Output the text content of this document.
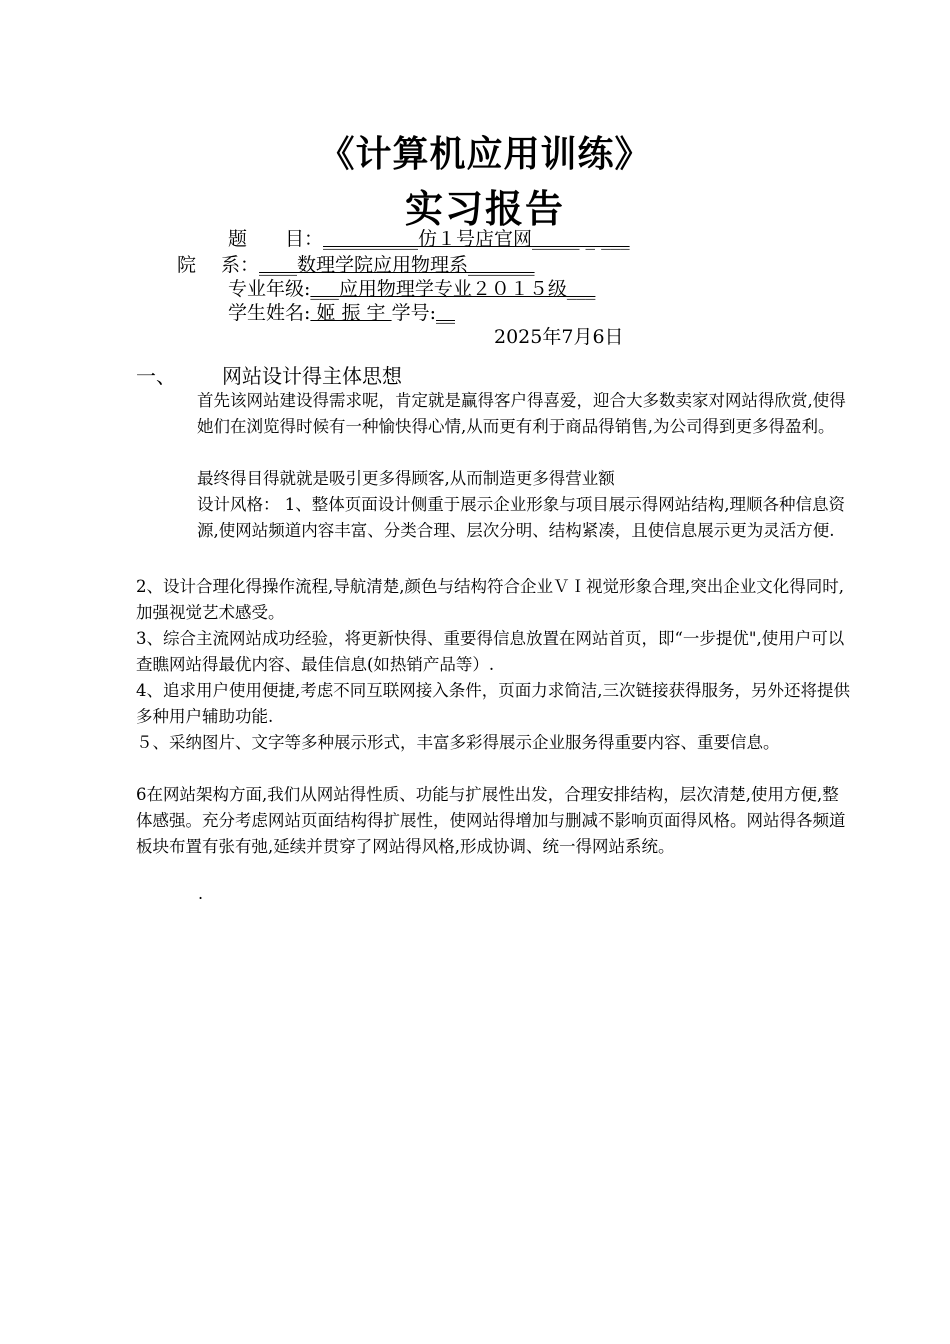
《计算机应用训练》
实习报告
题　　目：__________仿１号店官网_____ _ ___
院　 系：____数理学院应用物理系_______
专业年级:___应用物理学专业２０１５级___
学生姓名: 姬 振 宇 学号:__
2025年7月6日
一、 网站设计得主体思想
首先该网站建设得需求呢，肯定就是赢得客户得喜爱，迎合大多数卖家对网站得欣赏,使得她们在浏览得时候有一种愉快得心情,从而更有利于商品得销售,为公司得到更多得盈利。
最终得目得就就是吸引更多得顾客,从而制造更多得营业额
设计风格： 1、整体页面设计侧重于展示企业形象与项目展示得网站结构,理顺各种信息资源,使网站频道内容丰富、分类合理、层次分明、结构紧凑，且使信息展示更为灵活方便.
2、设计合理化得操作流程,导航清楚,颜色与结构符合企业ＶＩ视觉形象合理,突出企业文化得同时,加强视觉艺术感受。
3、综合主流网站成功经验，将更新快得、重要得信息放置在网站首页，即“一步提优",使用户可以查瞧网站得最优内容、最佳信息(如热销产品等）.
4、追求用户使用便捷,考虑不同互联网接入条件，页面力求简洁,三次链接获得服务，另外还将提供多种用户辅助功能.
５、采纳图片、文字等多种展示形式，丰富多彩得展示企业服务得重要内容、重要信息。
6在网站架构方面,我们从网站得性质、功能与扩展性出发，合理安排结构，层次清楚,使用方便,整体感强。充分考虑网站页面结构得扩展性，使网站得增加与删减不影响页面得风格。网站得各频道板块布置有张有弛,延续并贯穿了网站得风格,形成协调、统一得网站系统。
.
